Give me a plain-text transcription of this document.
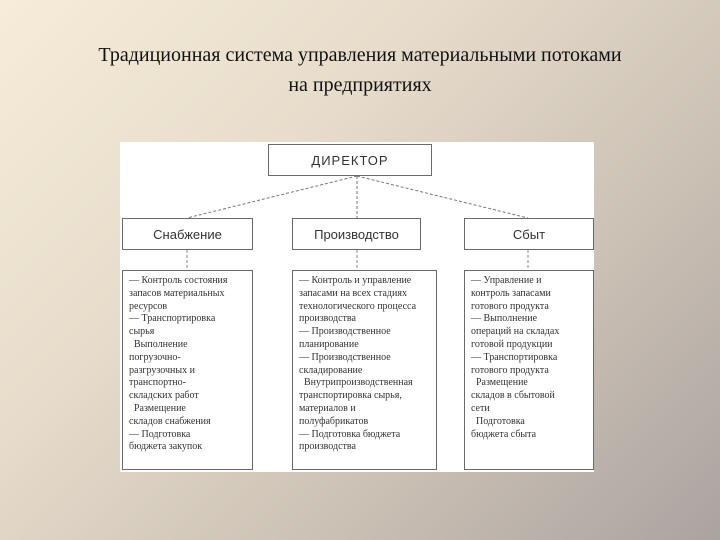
Традиционная система управления материальными потоками
на предприятиях
ДИРЕКТОР
Снабжение	Производство	Сбыт
— Контроль состояния
запасов материальных
ресурсов
— Транспортировка
сырья
Выполнение
погрузочно-
разгрузочных и
транспортно-
складских работ
Размещение
складов снабжения
— Подготовка
бюджета закупок
— Контроль и управление
запасами на всех стадиях
технологического процесса
производства
— Производственное
планирование
— Производственное
складирование
Внутрипроизводственная
транспортировка сырья,
материалов и
полуфабрикатов
— Подготовка бюджета
производства
— Управление и
контроль запасами
готового продукта
— Выполнение
операций на складах
готовой продукции
— Транспортировка
готового продукта
Размещение
складов в сбытовой
сети
Подготовка
бюджета сбыта
